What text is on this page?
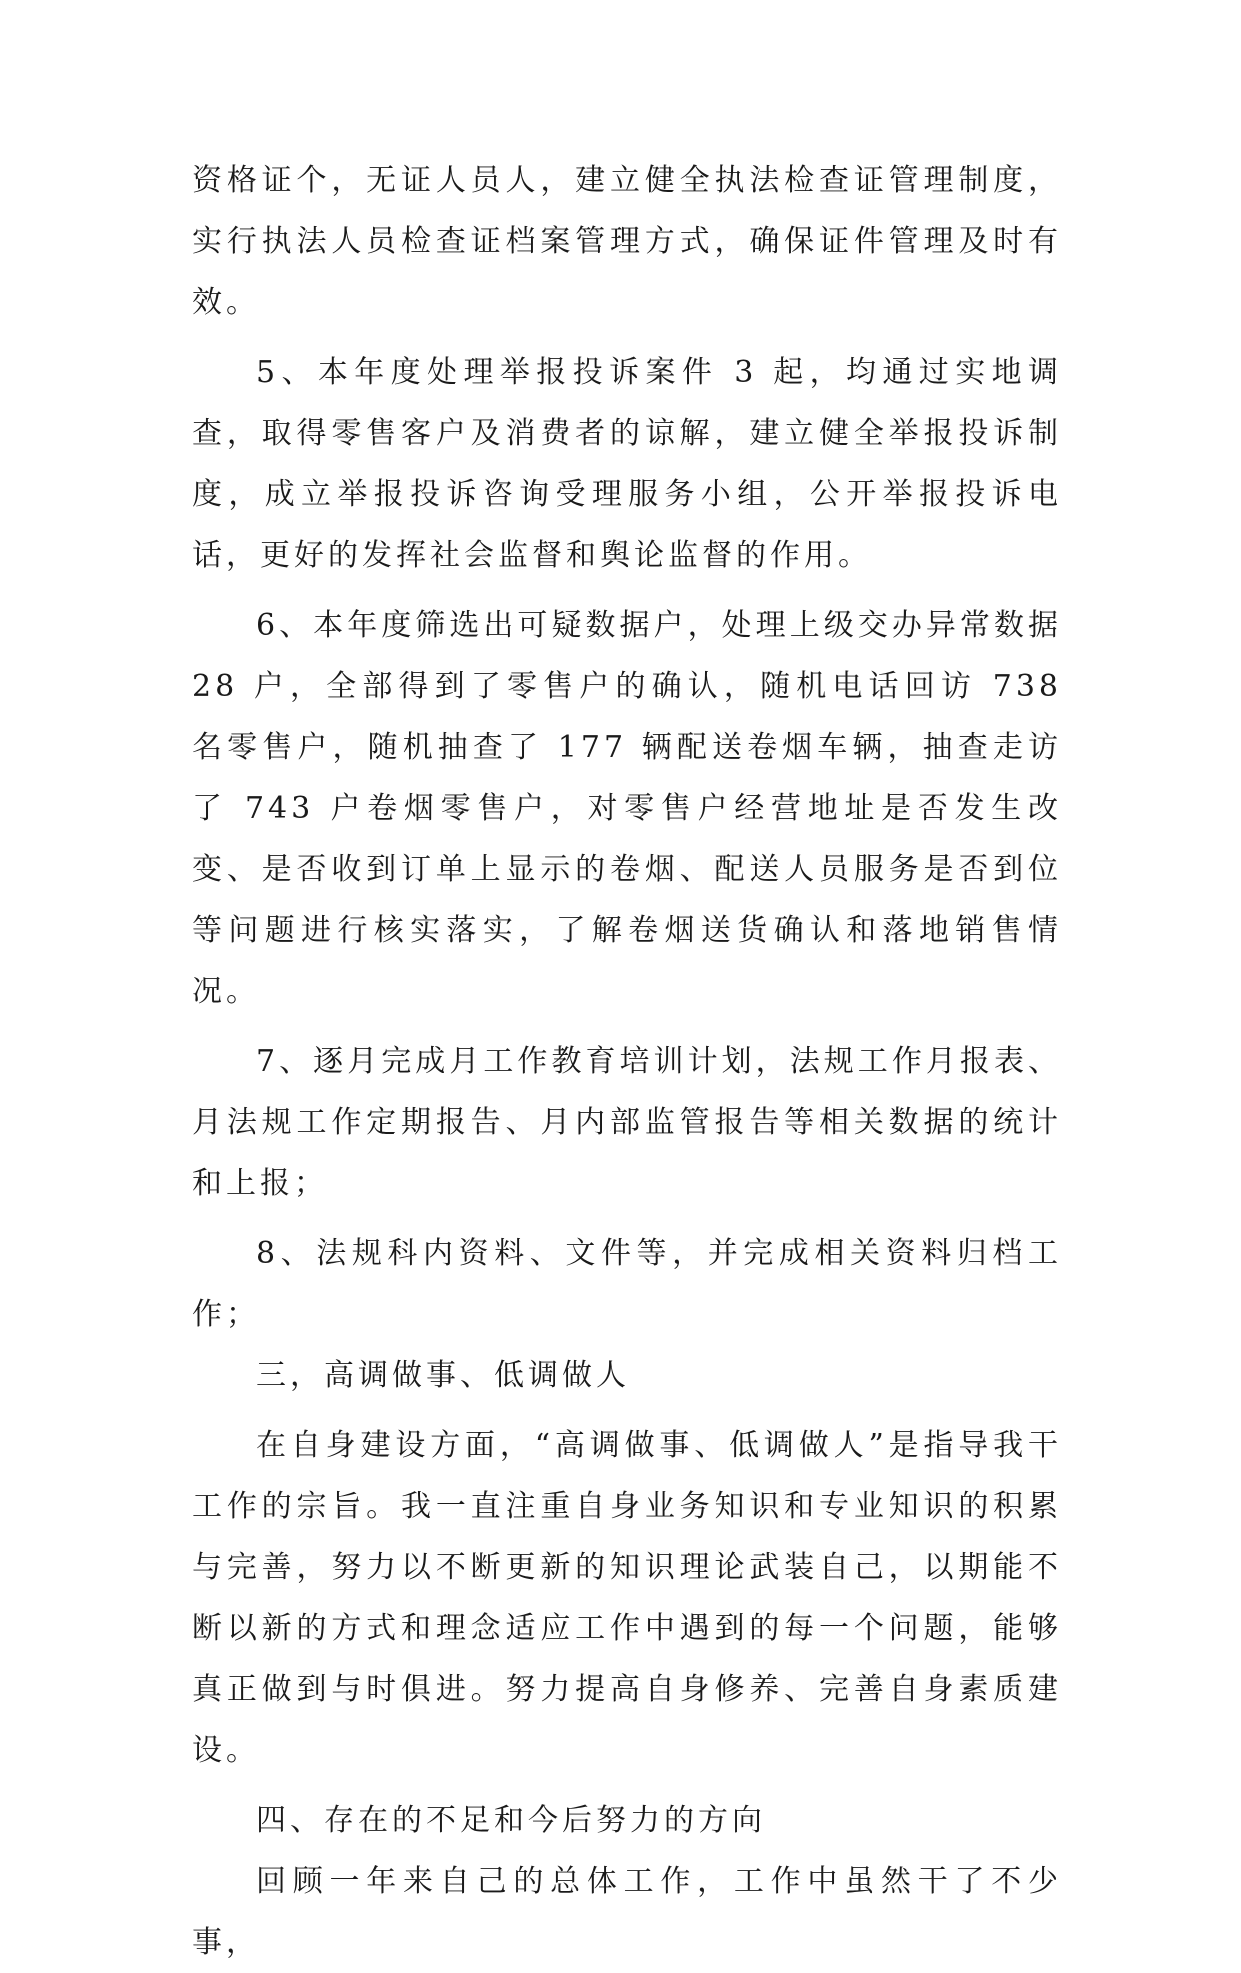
资格证个，无证人员人，建立健全执法检查证管理制度，实行执法人员检查证档案管理方式，确保证件管理及时有效。

5、本年度处理举报投诉案件 3 起，均通过实地调查，取得零售客户及消费者的谅解，建立健全举报投诉制度，成立举报投诉咨询受理服务小组，公开举报投诉电话，更好的发挥社会监督和舆论监督的作用。

6、本年度筛选出可疑数据户，处理上级交办异常数据 28 户，全部得到了零售户的确认，随机电话回访 738 名零售户，随机抽查了 177 辆配送卷烟车辆，抽查走访了 743 户卷烟零售户，对零售户经营地址是否发生改变、是否收到订单上显示的卷烟、配送人员服务是否到位等问题进行核实落实，了解卷烟送货确认和落地销售情况。

7、逐月完成月工作教育培训计划，法规工作月报表、月法规工作定期报告、月内部监管报告等相关数据的统计和上报；

8、法规科内资料、文件等，并完成相关资料归档工作；

三，高调做事、低调做人

在自身建设方面，“高调做事、低调做人”是指导我干工作的宗旨。我一直注重自身业务知识和专业知识的积累与完善，努力以不断更新的知识理论武装自己，以期能不断以新的方式和理念适应工作中遇到的每一个问题，能够真正做到与时俱进。努力提高自身修养、完善自身素质建设。

四、存在的不足和今后努力的方向

回顾一年来自己的总体工作，工作中虽然干了不少事，
